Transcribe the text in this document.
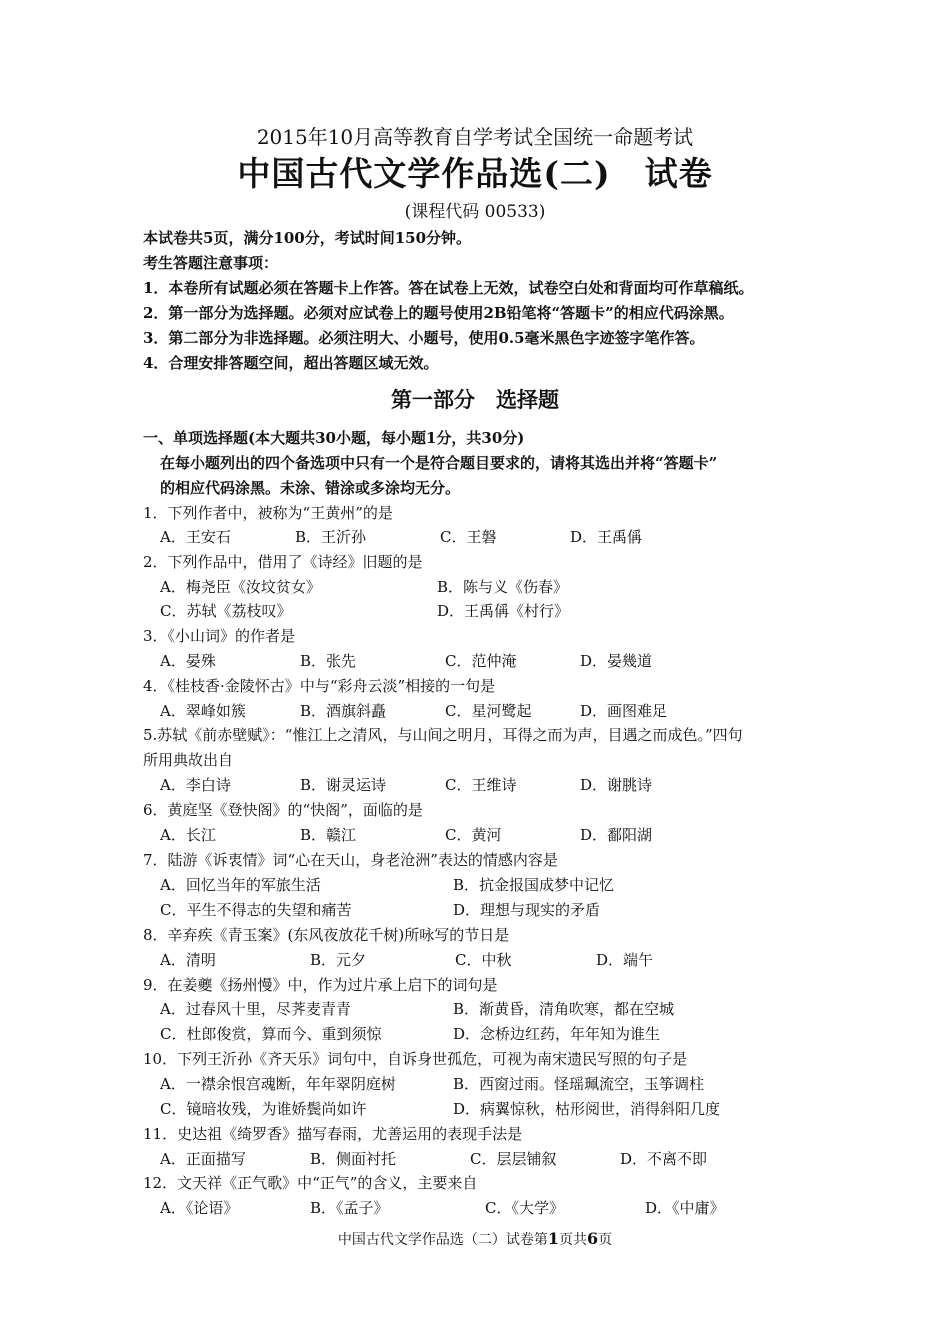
2015年10月高等教育自学考试全国统一命题考试
中国古代文学作品选(二)　试卷
(课程代码 00533)
本试卷共5页，满分100分，考试时间150分钟。
考生答题注意事项：
1．本卷所有试题必须在答题卡上作答。答在试卷上无效，试卷空白处和背面均可作草稿纸。
2．第一部分为选择题。必须对应试卷上的题号使用2B铅笔将“答题卡”的相应代码涂黑。
3．第二部分为非选择题。必须注明大、小题号，使用0.5毫米黑色字迹签字笔作答。
4．合理安排答题空间，超出答题区域无效。
第一部分　选择题
一、单项选择题(本大题共30小题，每小题1分，共30分)
在每小题列出的四个备选项中只有一个是符合题目要求的，请将其选出并将“答题卡”
的相应代码涂黑。未涂、错涂或多涂均无分。
1．下列作者中，被称为“王黄州”的是
A．王安石	B．王沂孙	C．王磐	D．王禹偁
2．下列作品中，借用了《诗经》旧题的是
A．梅尧臣《汝坟贫女》	B．陈与义《伤春》
C．苏轼《荔枝叹》	D．王禹偁《村行》
3．《小山词》的作者是
A．晏殊	B．张先	C．范仲淹	D．晏幾道
4．《桂枝香·金陵怀古》中与“彩舟云淡”相接的一句是
A．翠峰如簇	B．酒旗斜矗	C．星河鹭起	D．画图难足
5.苏轼《前赤壁赋》：“惟江上之清风，与山间之明月，耳得之而为声，目遇之而成色。”四句
所用典故出自
A．李白诗	B．谢灵运诗	C．王维诗	D．谢朓诗
6．黄庭坚《登快阁》的“快阁”，面临的是
A．长江	B．赣江	C．黄河	D．鄱阳湖
7．陆游《诉衷情》词“心在天山，身老沧洲”表达的情感内容是
A．回忆当年的军旅生活	B．抗金报国成梦中记忆
C．平生不得志的失望和痛苦	D．理想与现实的矛盾
8．辛弃疾《青玉案》(东风夜放花千树)所咏写的节日是
A．清明	B．元夕	C．中秋	D．端午
9．在姜夔《扬州慢》中，作为过片承上启下的词句是
A．过春风十里，尽荠麦青青	B．渐黄昏，清角吹寒，都在空城
C．杜郎俊赏，算而今、重到须惊	D．念桥边红药，年年知为谁生
10．下列王沂孙《齐天乐》词句中，自诉身世孤危，可视为南宋遗民写照的句子是
A．一襟余恨宫魂断，年年翠阴庭树	B．西窗过雨。怪瑶珮流空，玉筝调柱
C．镜暗妆残，为谁娇鬓尚如许	D．病翼惊秋，枯形阅世，消得斜阳几度
11．史达祖《绮罗香》描写春雨，尤善运用的表现手法是
A．正面描写	B．侧面衬托	C．层层铺叙	D．不离不即
12．文天祥《正气歌》中“正气”的含义，主要来自
A．《论语》	B．《孟子》	C．《大学》	D．《中庸》
中国古代文学作品选（二）试卷第1页共6页
